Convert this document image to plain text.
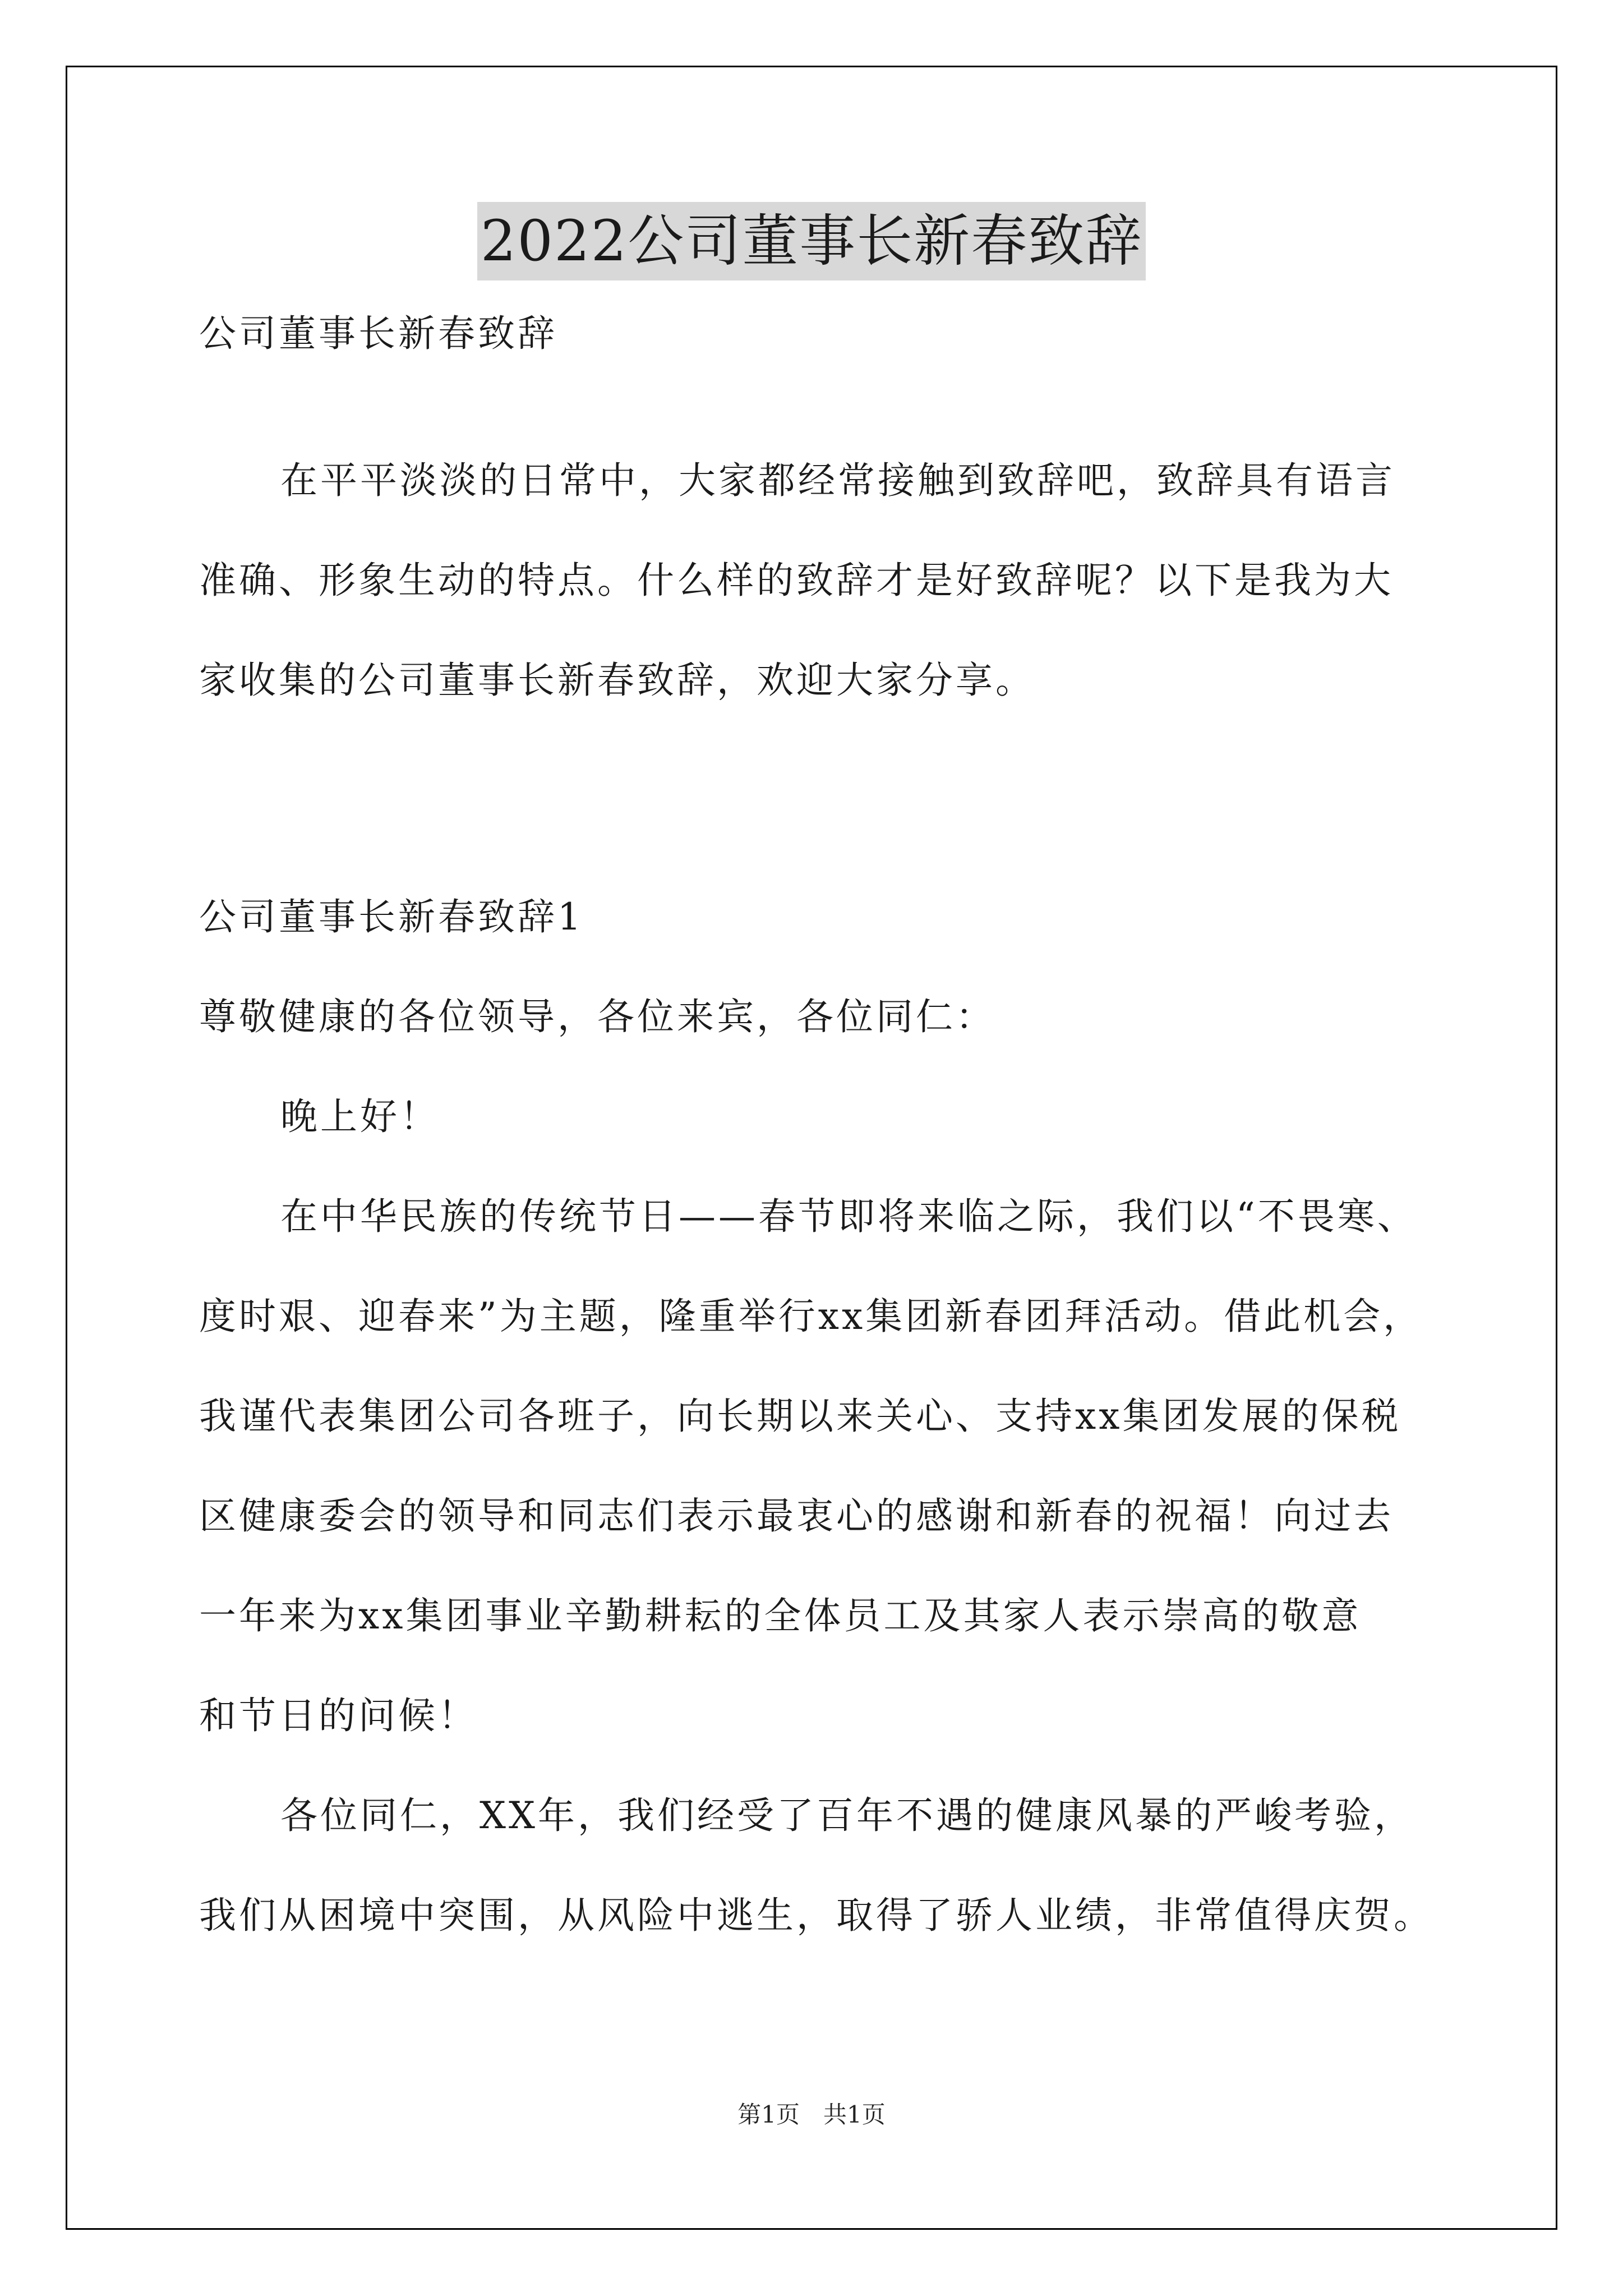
2022公司董事长新春致辞
公司董事长新春致辞
在平平淡淡的日常中，大家都经常接触到致辞吧，致辞具有语言
准确、形象生动的特点。什么样的致辞才是好致辞呢？以下是我为大
家收集的公司董事长新春致辞，欢迎大家分享。
公司董事长新春致辞1
尊敬健康的各位领导，各位来宾，各位同仁：
晚上好！
在中华民族的传统节日——春节即将来临之际，我们以“不畏寒、
度时艰、迎春来”为主题，隆重举行xx集团新春团拜活动。借此机会，
我谨代表集团公司各班子，向长期以来关心、支持xx集团发展的保税
区健康委会的领导和同志们表示最衷心的感谢和新春的祝福！向过去
一年来为xx集团事业辛勤耕耘的全体员工及其家人表示崇高的敬意
和节日的问候！
各位同仁，XX年，我们经受了百年不遇的健康风暴的严峻考验，
我们从困境中突围，从风险中逃生，取得了骄人业绩，非常值得庆贺。
第1页　共1页
